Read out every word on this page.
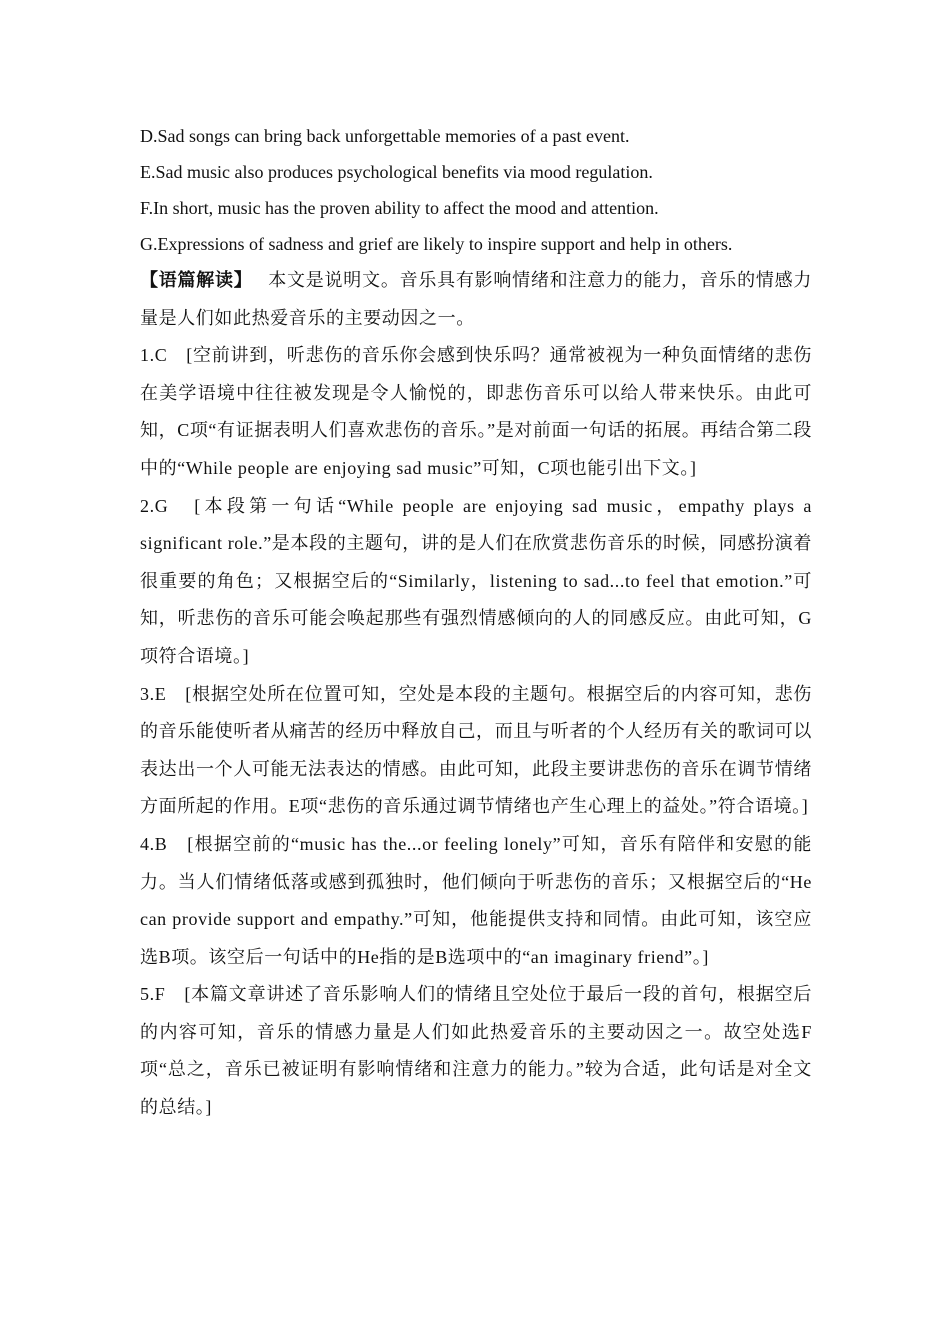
D.Sad songs can bring back unforgettable memories of a past event.

E.Sad music also produces psychological benefits via mood regulation.

F.In short, music has the proven ability to affect the mood and attention.

G.Expressions of sadness and grief are likely to inspire support and help in others.

【语篇解读】 本文是说明文。音乐具有影响情绪和注意力的能力，音乐的情感力量是人们如此热爱音乐的主要动因之一。

1.C　[空前讲到，听悲伤的音乐你会感到快乐吗？通常被视为一种负面情绪的悲伤在美学语境中往往被发现是令人愉悦的，即悲伤音乐可以给人带来快乐。由此可知，C项“有证据表明人们喜欢悲伤的音乐。”是对前面一句话的拓展。再结合第二段中的“While people are enjoying sad music”可知，C项也能引出下文。]

2.G　[本段第一句话“While people are enjoying sad music，empathy plays a significant role.”是本段的主题句，讲的是人们在欣赏悲伤音乐的时候，同感扮演着很重要的角色；又根据空后的“Similarly，listening to sad...to feel that emotion.”可知，听悲伤的音乐可能会唤起那些有强烈情感倾向的人的同感反应。由此可知，G项符合语境。]

3.E　[根据空处所在位置可知，空处是本段的主题句。根据空后的内容可知，悲伤的音乐能使听者从痛苦的经历中释放自己，而且与听者的个人经历有关的歌词可以表达出一个人可能无法表达的情感。由此可知，此段主要讲悲伤的音乐在调节情绪方面所起的作用。E项“悲伤的音乐通过调节情绪也产生心理上的益处。”符合语境。]

4.B　[根据空前的“music has the...or feeling lonely”可知，音乐有陪伴和安慰的能力。当人们情绪低落或感到孤独时，他们倾向于听悲伤的音乐；又根据空后的“He can provide support and empathy.”可知，他能提供支持和同情。由此可知，该空应选B项。该空后一句话中的He指的是B选项中的“an imaginary friend”。]

5.F　[本篇文章讲述了音乐影响人们的情绪且空处位于最后一段的首句，根据空后的内容可知，音乐的情感力量是人们如此热爱音乐的主要动因之一。故空处选F项“总之，音乐已被证明有影响情绪和注意力的能力。”较为合适，此句话是对全文的总结。]
